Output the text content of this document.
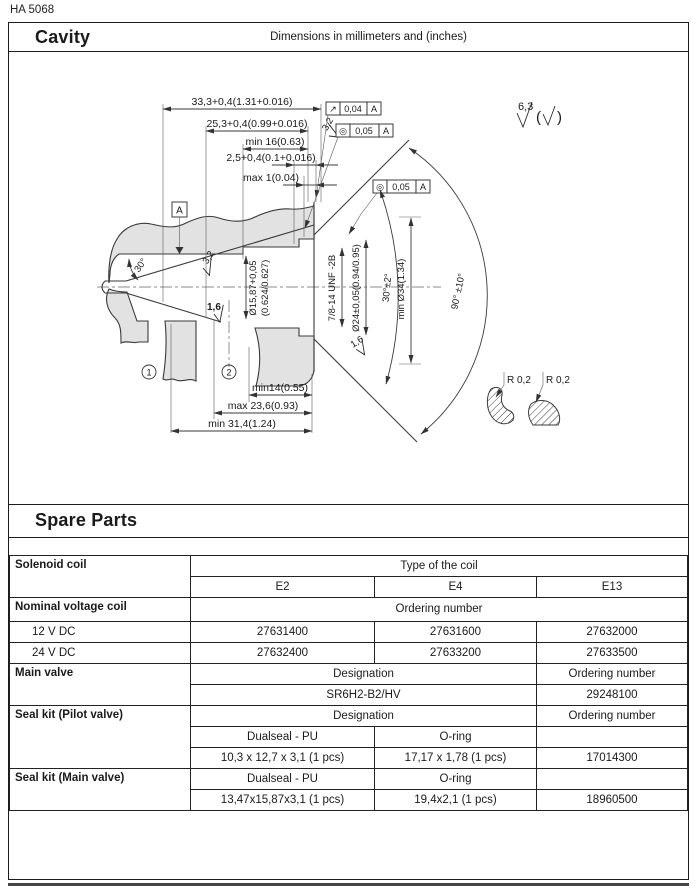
HA 5068
Cavity	Dimensions in millimeters and (inches)
90° ±10°
33,3+0,4(1.31+0.016)
25,3+0,4(0.99+0.016)
min 16(0.63)
2,5+0,4(0.1+0.016)
max 1(0.04)
3,2
↗ 0,04 A
◎ 0,05 A
◎ 0,05 A
6,3
( )
Ø15,87+0,05 (0.624/0.627)	7/8-14 UNF -2B Ø24±0,05(0.94/0.95) 30°±2° min Ø34(1.34)
A
30°	3,2
1,6
1,6
1	2
min14(0.55)
max 23,6(0.93)
min 31,4(1.24)
R 0,2 R 0,2
Spare Parts
Solenoid coil	Type of the coil		
	E2	E4	E13
Nominal voltage coil	Ordering number		
12 V DC	27631400	27631600	27632000
24 V DC	27632400	27633200	27633500
Main valve	Designation		Ordering number
	SR6H2-B2/HV		29248100
Seal kit (Pilot valve)	Designation		Ordering number
	Dualseal - PU	O-ring	
	10,3 x 12,7 x 3,1 (1 pcs)	17,17 x 1,78 (1 pcs)	17014300
Seal kit (Main valve)	Dualseal - PU	O-ring	
	13,47x15,87x3,1 (1 pcs)	19,4x2,1 (1 pcs)	18960500
